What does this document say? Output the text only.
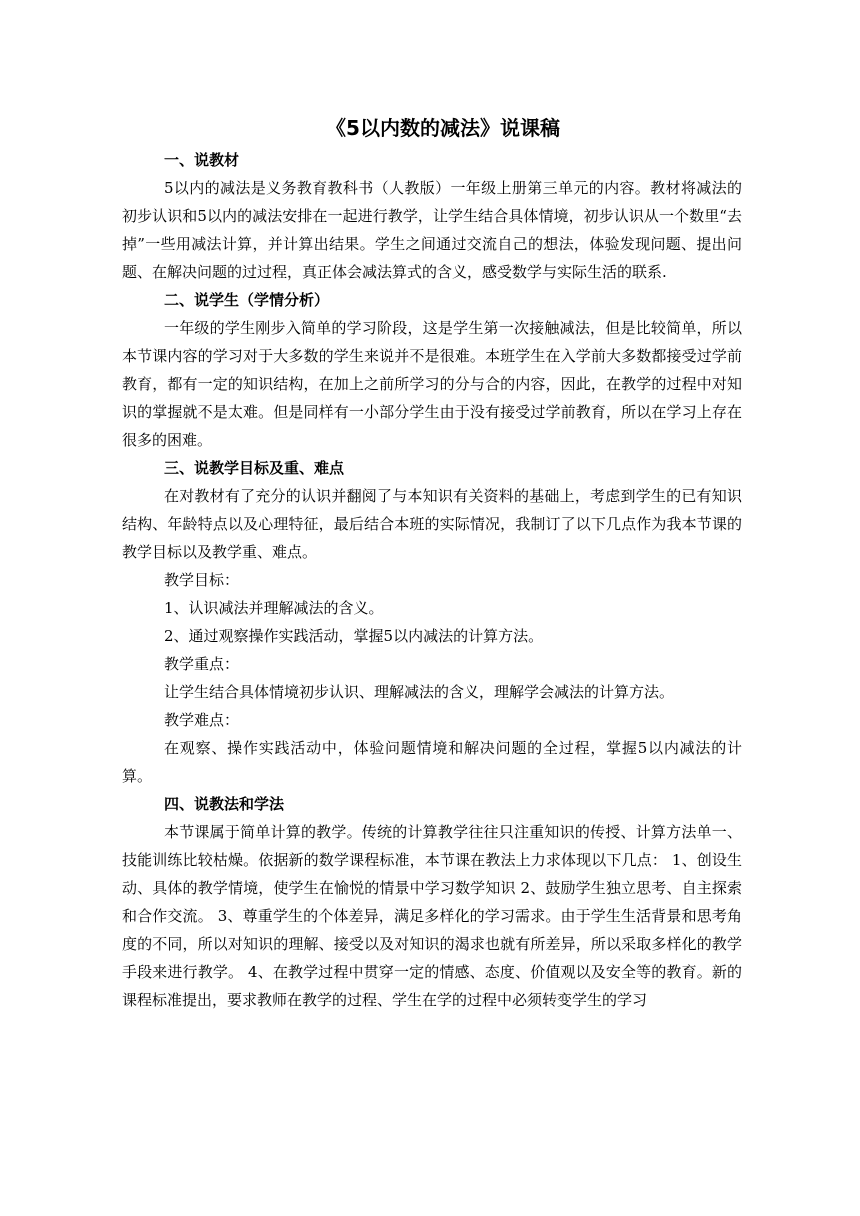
《5以内数的减法》说课稿
一、说教材

5以内的减法是义务教育教科书（人教版）一年级上册第三单元的内容。教材将减法的初步认识和5以内的减法安排在一起进行教学，让学生结合具体情境，初步认识从一个数里“去掉”一些用减法计算，并计算出结果。学生之间通过交流自己的想法，体验发现问题、提出问题、在解决问题的过过程，真正体会减法算式的含义，感受数学与实际生活的联系.

二、说学生（学情分析）

一年级的学生刚步入简单的学习阶段，这是学生第一次接触减法，但是比较简单，所以本节课内容的学习对于大多数的学生来说并不是很难。本班学生在入学前大多数都接受过学前教育，都有一定的知识结构，在加上之前所学习的分与合的内容，因此，在教学的过程中对知识的掌握就不是太难。但是同样有一小部分学生由于没有接受过学前教育，所以在学习上存在很多的困难。

三、说教学目标及重、难点

在对教材有了充分的认识并翻阅了与本知识有关资料的基础上，考虑到学生的已有知识结构、年龄特点以及心理特征，最后结合本班的实际情况，我制订了以下几点作为我本节课的教学目标以及教学重、难点。

教学目标：

1、认识减法并理解减法的含义。

2、通过观察操作实践活动，掌握5以内减法的计算方法。

教学重点：

让学生结合具体情境初步认识、理解减法的含义，理解学会减法的计算方法。

教学难点：

在观察、操作实践活动中，体验问题情境和解决问题的全过程，掌握5以内减法的计算。

四、说教法和学法

本节课属于简单计算的教学。传统的计算教学往往只注重知识的传授、计算方法单一、技能训练比较枯燥。依据新的数学课程标准，本节课在教法上力求体现以下几点： 1、创设生动、具体的教学情境，使学生在愉悦的情景中学习数学知识 2、鼓励学生独立思考、自主探索和合作交流。 3、尊重学生的个体差异，满足多样化的学习需求。由于学生生活背景和思考角度的不同，所以对知识的理解、接受以及对知识的渴求也就有所差异，所以采取多样化的教学手段来进行教学。 4、在教学过程中贯穿一定的情感、态度、价值观以及安全等的教育。新的课程标准提出，要求教师在教学的过程、学生在学的过程中必须转变学生的学习
